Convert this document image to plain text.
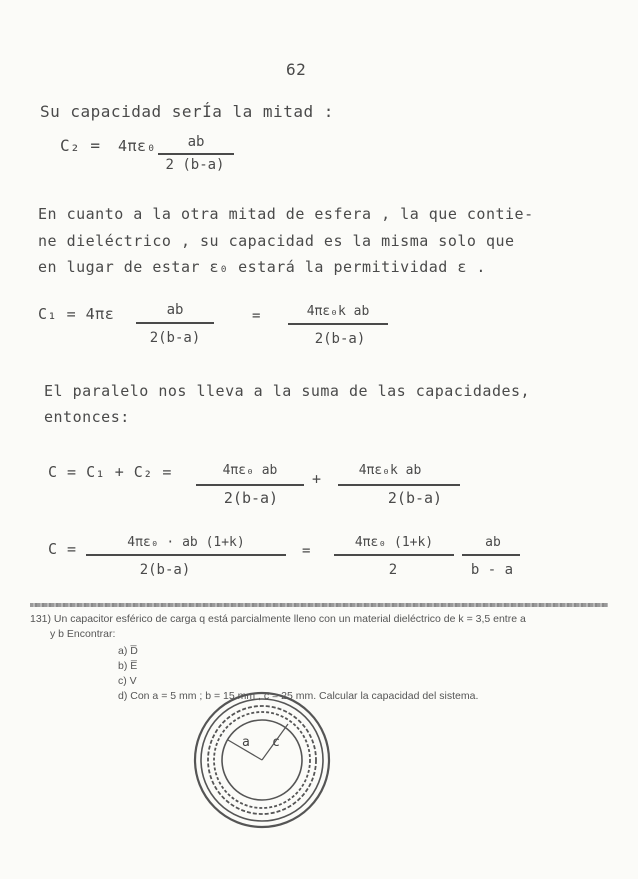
62
Su capacidad serÍa la mitad :
C₂ = 4πε₀	ab
2 (b-a)
En cuanto a la otra mitad de esfera , la que contie-
ne dieléctrico , su capacidad es la misma solo que
en lugar de estar ε₀ estará la permitividad ε .
C₁ = 4πε	ab
2(b-a)
=	4πε₀k ab
2(b-a)
El paralelo nos lleva a la suma de las capacidades,
entonces:
C = C₁ + C₂ =	4πε₀ ab
2(b-a)
+	4πε₀k ab
2(b-a)
C =	4πε₀ · ab (1+k)
2(b-a)
=
4πε₀ (1+k)
2
ab
b - a
131) Un capacitor esférico de carga q está parcialmente lleno con un material dieléctrico de k = 3,5 entre a
y b Encontrar:
a) D̅
b) E̅
c) V
d) Con a = 5 mm ; b = 15 mm , c = 25 mm. Calcular la capacidad del sistema.
a c
